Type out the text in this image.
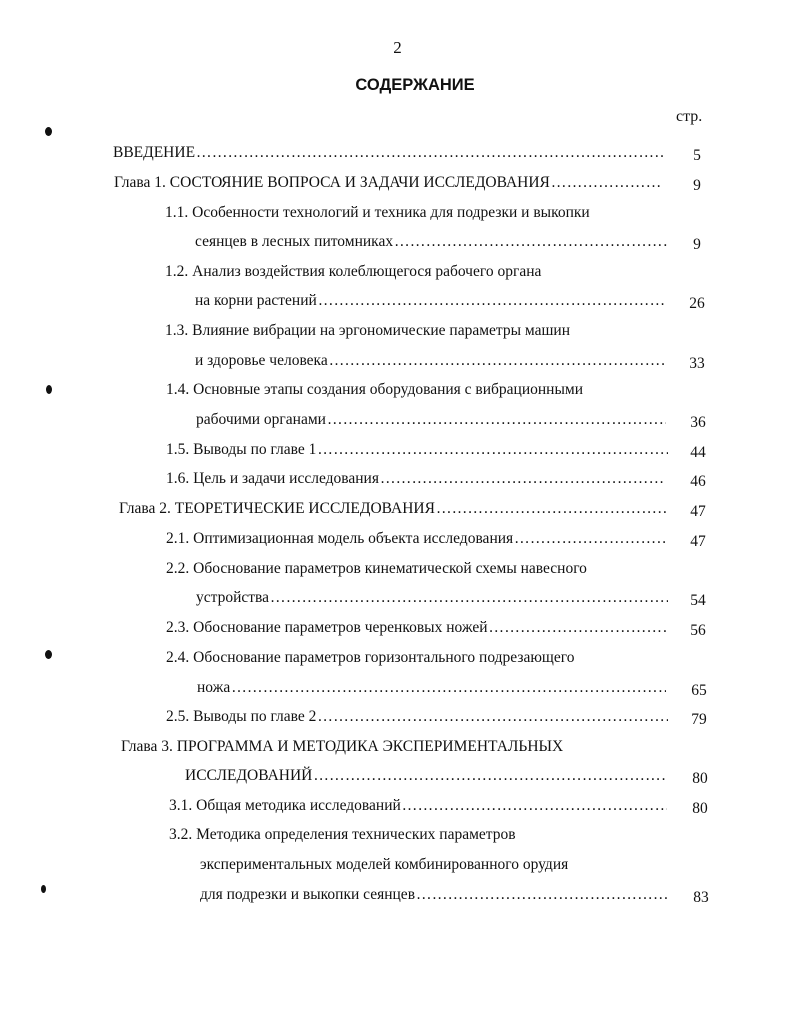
2
СОДЕРЖАНИЕ
стр.
ВВЕДЕНИЕ ……………………………………………………………………………………………………………………………………	5
Глава 1. СОСТОЯНИЕ ВОПРОСА И ЗАДАЧИ ИССЛЕДОВАНИЯ ……………………………………………………………………………………………………………………………………	9
1.1. Особенности технологий и техника для подрезки и выкопки
сеянцев в лесных питомниках ……………………………………………………………………………………………………………………………………	9
1.2. Анализ воздействия колеблющегося рабочего органа
на корни растений ……………………………………………………………………………………………………………………………………	26
1.3. Влияние вибрации на эргономические параметры машин
и здоровье человека ……………………………………………………………………………………………………………………………………	33
1.4. Основные этапы создания оборудования с вибрационными
рабочими органами ……………………………………………………………………………………………………………………………………	36
1.5. Выводы по главе 1 ……………………………………………………………………………………………………………………………………	44
1.6. Цель и задачи исследования ……………………………………………………………………………………………………………………………………	46
Глава 2. ТЕОРЕТИЧЕСКИЕ ИССЛЕДОВАНИЯ ……………………………………………………………………………………………………………………………………	47
2.1. Оптимизационная модель объекта исследования ……………………………………………………………………………………………………………………………………	47
2.2. Обоснование параметров кинематической схемы навесного
устройства ……………………………………………………………………………………………………………………………………	54
2.3. Обоснование параметров черенковых ножей ……………………………………………………………………………………………………………………………………	56
2.4. Обоснование параметров горизонтального подрезающего
ножа ……………………………………………………………………………………………………………………………………	65
2.5. Выводы по главе 2 ……………………………………………………………………………………………………………………………………	79
Глава 3. ПРОГРАММА И МЕТОДИКА ЭКСПЕРИМЕНТАЛЬНЫХ
ИССЛЕДОВАНИЙ ……………………………………………………………………………………………………………………………………	80
3.1. Общая методика исследований ……………………………………………………………………………………………………………………………………	80
3.2. Методика определения технических параметров
экспериментальных моделей комбинированного орудия
для подрезки и выкопки сеянцев ……………………………………………………………………………………………………………………………………	83
